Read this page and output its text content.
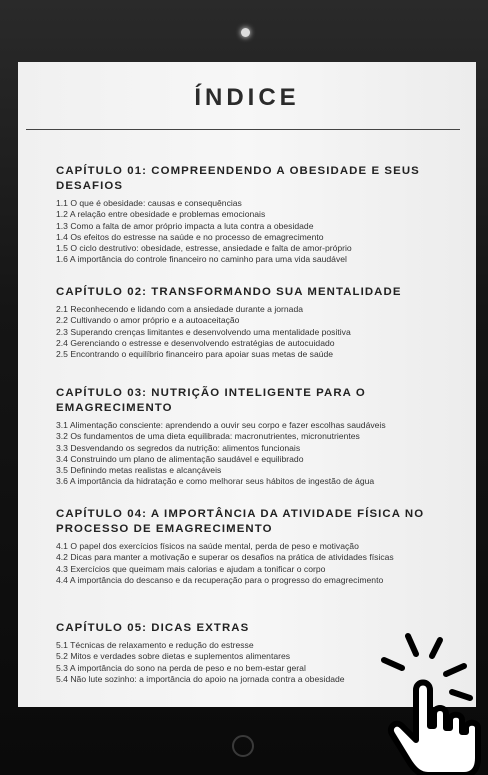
ÍNDICE
CAPÍTULO 01: COMPREENDENDO A OBESIDADE E SEUS DESAFIOS
1.1 O que é obesidade: causas e consequências
1.2 A relação entre obesidade e problemas emocionais
1.3 Como a falta de amor próprio impacta a luta contra a obesidade
1.4 Os efeitos do estresse na saúde e no processo de emagrecimento
1.5 O ciclo destrutivo: obesidade, estresse, ansiedade e falta de amor-próprio
1.6 A importância do controle financeiro no caminho para uma vida saudável
CAPÍTULO 02: TRANSFORMANDO SUA MENTALIDADE
2.1 Reconhecendo e lidando com a ansiedade durante a jornada
2.2 Cultivando o amor próprio e a autoaceitação
2.3 Superando crenças limitantes e desenvolvendo uma mentalidade positiva
2.4 Gerenciando o estresse e desenvolvendo estratégias de autocuidado
2.5 Encontrando o equilíbrio financeiro para apoiar suas metas de saúde
CAPÍTULO 03: NUTRIÇÃO INTELIGENTE PARA O EMAGRECIMENTO
3.1 Alimentação consciente: aprendendo a ouvir seu corpo e fazer escolhas saudáveis
3.2 Os fundamentos de uma dieta equilibrada: macronutrientes, micronutrientes
3.3 Desvendando os segredos da nutrição: alimentos funcionais
3.4 Construindo um plano de alimentação saudável e equilibrado
3.5 Definindo metas realistas e alcançáveis
3.6 A importância da hidratação e como melhorar seus hábitos de ingestão de água
CAPÍTULO 04: A IMPORTÂNCIA DA ATIVIDADE FÍSICA NO PROCESSO DE EMAGRECIMENTO
4.1 O papel dos exercícios físicos na saúde mental, perda de peso e motivação
4.2 Dicas para manter a motivação e superar os desafios na prática de atividades físicas
4.3 Exercícios que queimam mais calorias e ajudam a tonificar o corpo
4.4 A importância do descanso e da recuperação para o progresso do emagrecimento
CAPÍTULO 05: DICAS EXTRAS
5.1 Técnicas de relaxamento e redução do estresse
5.2 Mitos e verdades sobre dietas e suplementos alimentares
5.3 A importância do sono na perda de peso e no bem-estar geral
5.4 Não lute sozinho: a importância do apoio na jornada contra a obesidade
